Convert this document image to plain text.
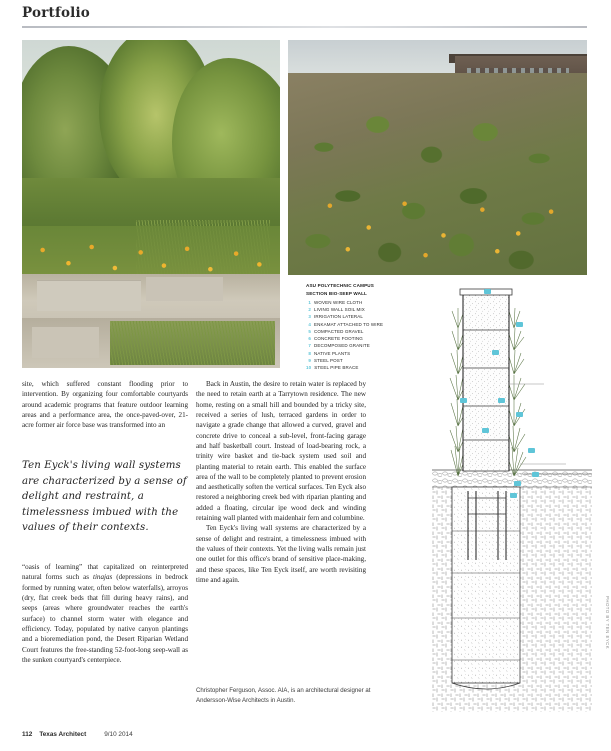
Portfolio
ASU POLYTECHNIC CAMPUS
SECTION BIO-SEEP WALL
1 WOVEN WIRE CLOTH
2 LIVING WALL SOIL MIX
3 IRRIGATION LATERAL
4 ENKAMAT ATTACHED TO WIRE
5 COMPACTED GRAVEL
6 CONCRETE FOOTING
7 DECOMPOSED GRANITE
8 NATIVE PLANTS
9 STEEL POST
10 STEEL PIPE BRACE

site, which suffered constant flooding prior to intervention. By organizing four comfortable courtyards around academic programs that feature outdoor learning areas and a performance area, the once-paved-over, 21-acre former air force base was transformed into an

Ten Eyck's living wall systems are characterized by a sense of delight and restraint, a timelessness imbued with the values of their contexts.

“oasis of learning” that capitalized on reinterpreted natural forms such as tinajas (depressions in bedrock formed by running water, often below waterfalls), arroyos (dry, flat creek beds that fill during heavy rains), and seeps (areas where groundwater reaches the earth's surface) to channel storm water with elegance and efficiency. Today, populated by native canyon plantings and a bioremediation pond, the Desert Riparian Wetland Court features the free-standing 52-foot-long seep-wall as the sunken courtyard's centerpiece.

Back in Austin, the desire to retain water is replaced by the need to retain earth at a Tarrytown residence. The new home, resting on a small hill and bounded by a tricky site, received a series of lush, terraced gardens in order to navigate a grade change that allowed a curved, gravel and concrete drive to conceal a sub-level, front-facing garage and half basketball court. Instead of load-bearing rock, a trinity wire basket and tie-back system used soil and planting material to retain earth. This enabled the surface area of the wall to be completely planted to prevent erosion and aesthetically soften the vertical surfaces. Ten Eyck also restored a neighboring creek bed with riparian planting and added a floating, circular ipe wood deck and winding retaining wall planted with maidenhair fern and columbine.

Ten Eyck's living wall systems are characterized by a sense of delight and restraint, a timelessness imbued with the values of their contexts. Yet the living walls remain just one outlet for this office's brand of sensitive place-making, and these spaces, like Ten Eyck itself, are worth revisiting time and again.

Christopher Ferguson, Assoc. AIA, is an architectural designer at Andersson-Wise Architects in Austin.
112 Texas Architect	9/10 2014
PHOTO BY TEN EYCK
